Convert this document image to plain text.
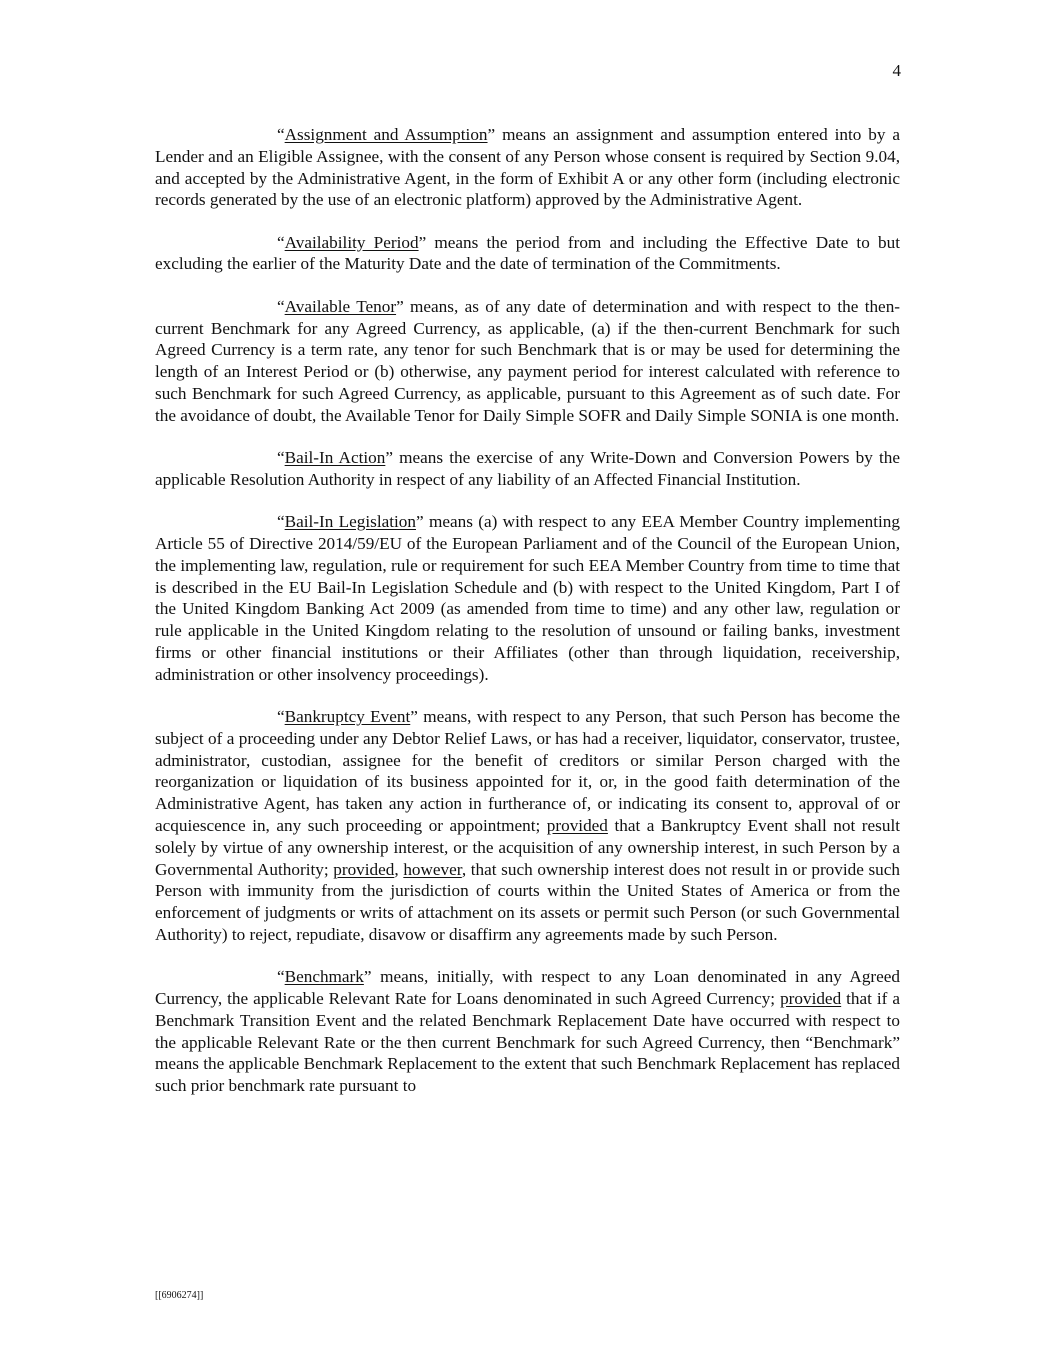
4

“Assignment and Assumption” means an assignment and assumption entered into by a Lender and an Eligible Assignee, with the consent of any Person whose consent is required by Section 9.04, and accepted by the Administrative Agent, in the form of Exhibit A or any other form (including electronic records generated by the use of an electronic platform) approved by the Administrative Agent.

“Availability Period” means the period from and including the Effective Date to but excluding the earlier of the Maturity Date and the date of termination of the Commitments.

“Available Tenor” means, as of any date of determination and with respect to the then-current Benchmark for any Agreed Currency, as applicable, (a) if the then-current Benchmark for such Agreed Currency is a term rate, any tenor for such Benchmark that is or may be used for determining the length of an Interest Period or (b) otherwise, any payment period for interest calculated with reference to such Benchmark for such Agreed Currency, as applicable, pursuant to this Agreement as of such date. For the avoidance of doubt, the Available Tenor for Daily Simple SOFR and Daily Simple SONIA is one month.

“Bail-In Action” means the exercise of any Write-Down and Conversion Powers by the applicable Resolution Authority in respect of any liability of an Affected Financial Institution.

“Bail-In Legislation” means (a) with respect to any EEA Member Country implementing Article 55 of Directive 2014/59/EU of the European Parliament and of the Council of the European Union, the implementing law, regulation, rule or requirement for such EEA Member Country from time to time that is described in the EU Bail-In Legislation Schedule and (b) with respect to the United Kingdom, Part I of the United Kingdom Banking Act 2009 (as amended from time to time) and any other law, regulation or rule applicable in the United Kingdom relating to the resolution of unsound or failing banks, investment firms or other financial institutions or their Affiliates (other than through liquidation, receivership, administration or other insolvency proceedings).

“Bankruptcy Event” means, with respect to any Person, that such Person has become the subject of a proceeding under any Debtor Relief Laws, or has had a receiver, liquidator, conservator, trustee, administrator, custodian, assignee for the benefit of creditors or similar Person charged with the reorganization or liquidation of its business appointed for it, or, in the good faith determination of the Administrative Agent, has taken any action in furtherance of, or indicating its consent to, approval of or acquiescence in, any such proceeding or appointment; provided that a Bankruptcy Event shall not result solely by virtue of any ownership interest, or the acquisition of any ownership interest, in such Person by a Governmental Authority; provided, however, that such ownership interest does not result in or provide such Person with immunity from the jurisdiction of courts within the United States of America or from the enforcement of judgments or writs of attachment on its assets or permit such Person (or such Governmental Authority) to reject, repudiate, disavow or disaffirm any agreements made by such Person.

“Benchmark” means, initially, with respect to any Loan denominated in any Agreed Currency, the applicable Relevant Rate for Loans denominated in such Agreed Currency; provided that if a Benchmark Transition Event and the related Benchmark Replacement Date have occurred with respect to the applicable Relevant Rate or the then current Benchmark for such Agreed Currency, then “Benchmark” means the applicable Benchmark Replacement to the extent that such Benchmark Replacement has replaced such prior benchmark rate pursuant to

[[6906274]]
